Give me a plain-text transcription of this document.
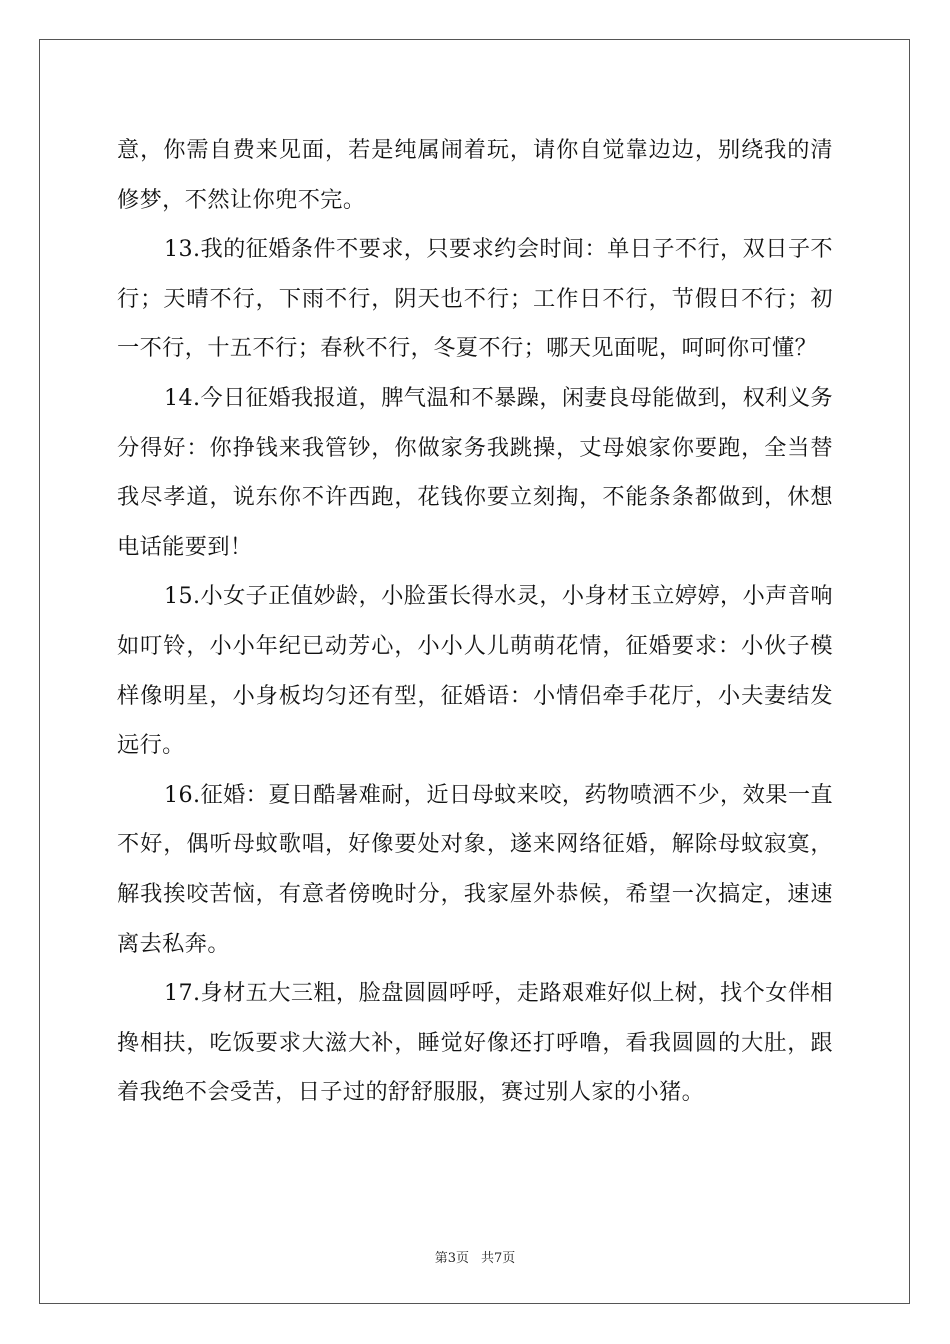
意，你需自费来见面，若是纯属闹着玩，请你自觉靠边边，别绕我的清修梦，不然让你兜不完。

13.我的征婚条件不要求，只要求约会时间：单日子不行，双日子不行；天晴不行，下雨不行，阴天也不行；工作日不行，节假日不行；初一不行，十五不行；春秋不行，冬夏不行；哪天见面呢，呵呵你可懂？

14.今日征婚我报道，脾气温和不暴躁，闲妻良母能做到，权利义务分得好：你挣钱来我管钞，你做家务我跳操，丈母娘家你要跑，全当替我尽孝道，说东你不许西跑，花钱你要立刻掏，不能条条都做到，休想电话能要到！

15.小女子正值妙龄，小脸蛋长得水灵，小身材玉立婷婷，小声音响如叮铃，小小年纪已动芳心，小小人儿萌萌花情，征婚要求：小伙子模样像明星，小身板均匀还有型，征婚语：小情侣牵手花厅，小夫妻结发远行。

16.征婚：夏日酷暑难耐，近日母蚊来咬，药物喷洒不少，效果一直不好，偶听母蚊歌唱，好像要处对象，遂来网络征婚，解除母蚊寂寞，解我挨咬苦恼，有意者傍晚时分，我家屋外恭候，希望一次搞定，速速离去私奔。

17.身材五大三粗，脸盘圆圆呼呼，走路艰难好似上树，找个女伴相搀相扶，吃饭要求大滋大补，睡觉好像还打呼噜，看我圆圆的大肚，跟着我绝不会受苦，日子过的舒舒服服，赛过别人家的小猪。

第3页 共7页
